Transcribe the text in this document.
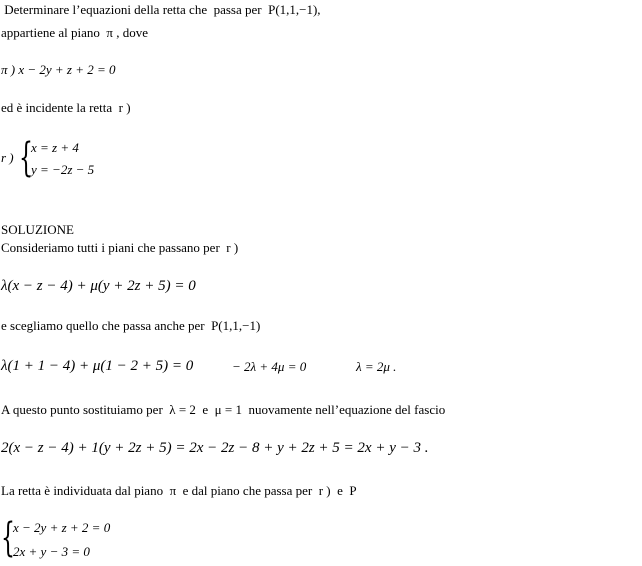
Determinare l’equazioni della retta che  passa per  P(1,1,−1),
appartiene al piano  π , dove
π ) x − 2y + z + 2 = 0
ed è incidente la retta  r )
r ) {
x = z + 4
y = −2z − 5
SOLUZIONE
Consideriamo tutti i piani che passano per  r )
λ(x − z − 4) + μ(y + 2z + 5) = 0
e scegliamo quello che passa anche per  P(1,1,−1)
λ(1 + 1 − 4) + μ(1 − 2 + 5) = 0	− 2λ + 4μ = 0	λ = 2μ .
A questo punto sostituiamo per  λ = 2  e  μ = 1  nuovamente nell’equazione del fascio
2(x − z − 4) + 1(y + 2z + 5) = 2x − 2z − 8 + y + 2z + 5 = 2x + y − 3 .
La retta è individuata dal piano  π  e dal piano che passa per  r )  e  P
{
x − 2y + z + 2 = 0
2x + y − 3 = 0
